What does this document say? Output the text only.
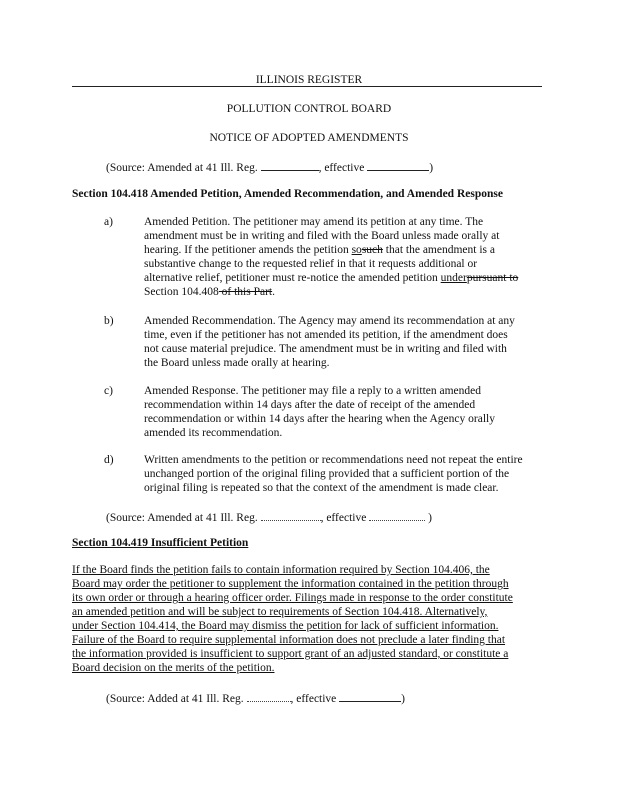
ILLINOIS REGISTER
POLLUTION CONTROL BOARD
NOTICE OF ADOPTED AMENDMENTS
(Source: Amended at 41 Ill. Reg.	, effective	)
Section 104.418 Amended Petition, Amended Recommendation, and Amended Response
a)	Amended Petition. The petitioner may amend its petition at any time. The
amendment must be in writing and filed with the Board unless made orally at
hearing. If the petitioner amends the petition sosuch that the amendment is a
substantive change to the requested relief in that it requests additional or
alternative relief, petitioner must re-notice the amended petition underpursuant to
Section 104.408 of this Part.
b)	Amended Recommendation. The Agency may amend its recommendation at any
time, even if the petitioner has not amended its petition, if the amendment does
not cause material prejudice. The amendment must be in writing and filed with
the Board unless made orally at hearing.
c)	Amended Response. The petitioner may file a reply to a written amended
recommendation within 14 days after the date of receipt of the amended
recommendation or within 14 days after the hearing when the Agency orally
amended its recommendation.
d)	Written amendments to the petition or recommendations need not repeat the entire
unchanged portion of the original filing provided that a sufficient portion of the
original filing is repeated so that the context of the amendment is made clear.
(Source: Amended at 41 Ill. Reg.	, effective	)
Section 104.419 Insufficient Petition
If the Board finds the petition fails to contain information required by Section 104.406, the
Board may order the petitioner to supplement the information contained in the petition through
its own order or through a hearing officer order. Filings made in response to the order constitute
an amended petition and will be subject to requirements of Section 104.418. Alternatively,
under Section 104.414, the Board may dismiss the petition for lack of sufficient information.
Failure of the Board to require supplemental information does not preclude a later finding that
the information provided is insufficient to support grant of an adjusted standard, or constitute a
Board decision on the merits of the petition.
(Source: Added at 41 Ill. Reg.	, effective	)
